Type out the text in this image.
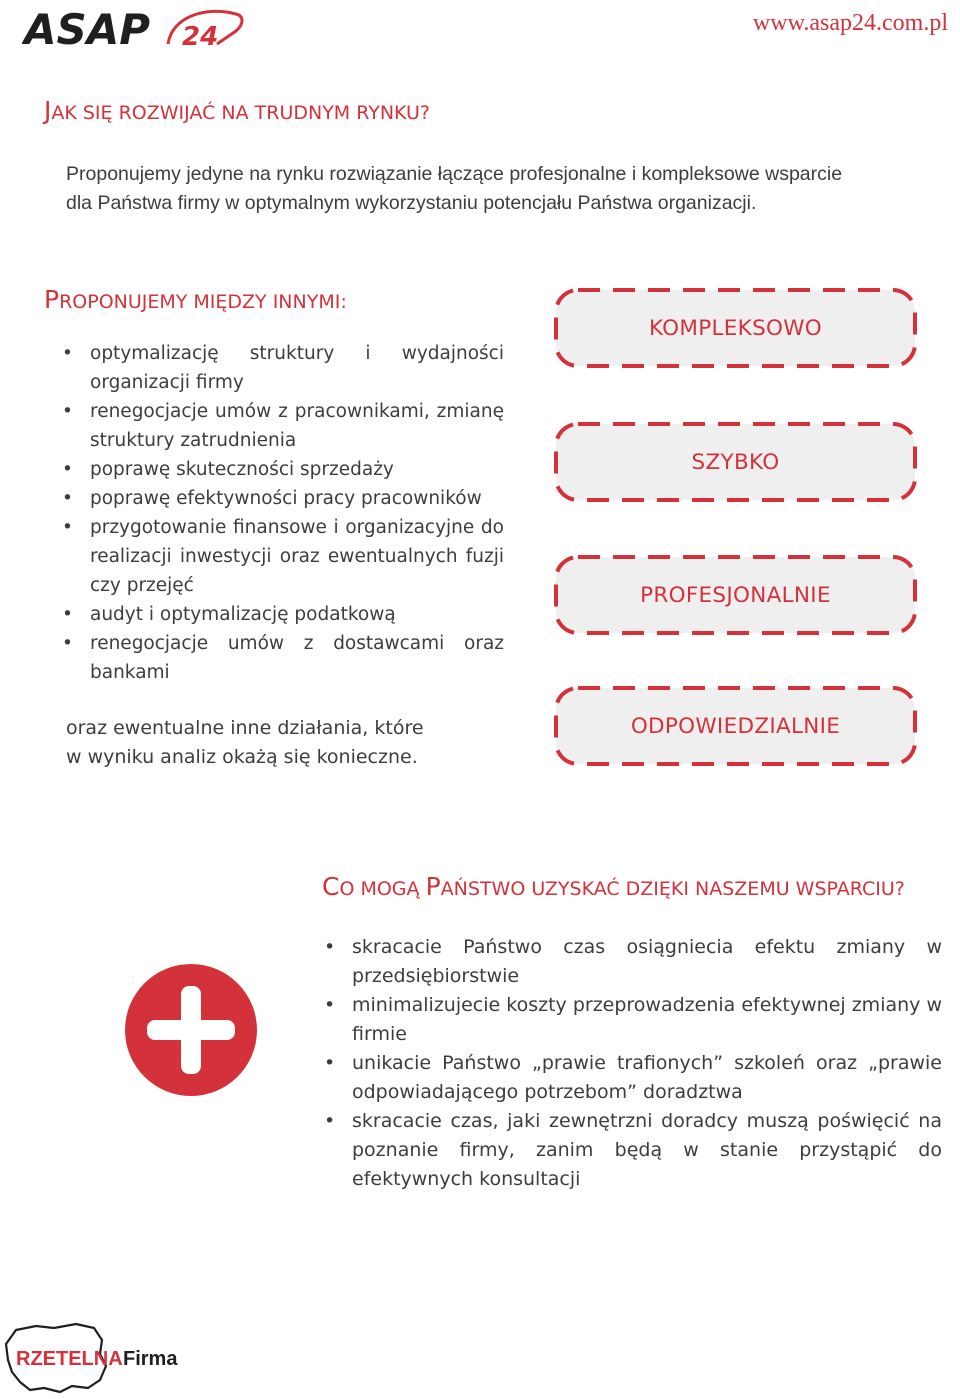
ASAP 24	www.asap24.com.pl
JAK SIĘ ROZWIJAĆ NA TRUDNYM RYNKU?
Proponujemy jedyne na rynku rozwiązanie łączące profesjonalne i kompleksowe wsparcie
dla Państwa firmy w optymalnym wykorzystaniu potencjału Państwa organizacji.
PROPONUJEMY MIĘDZY INNYMI:
• optymalizację struktury i wydajności organizacji firmy
• renegocjacje umów z pracownikami, zmianę struktury zatrudnienia
• poprawę skuteczności sprzedaży
• poprawę efektywności pracy pracowników
• przygotowanie finansowe i organizacyjne do realizacji inwestycji oraz ewentualnych fuzji czy przejęć
• audyt i optymalizację podatkową
• renegocjacje umów z dostawcami oraz bankami
oraz ewentualne inne działania, które
w wyniku analiz okażą się konieczne.
KOMPLEKSOWO
SZYBKO
PROFESJONALNIE
ODPOWIEDZIALNIE
CO MOGĄ PAŃSTWO UZYSKAĆ DZIĘKI NASZEMU WSPARCIU?
• skracacie Państwo czas osiągniecia efektu zmiany w przedsiębiorstwie
• minimalizujecie koszty przeprowadzenia efektywnej zmiany w firmie
• unikacie Państwo „prawie trafionych” szkoleń oraz „prawie odpowiadającego potrzebom” doradztwa
• skracacie czas, jaki zewnętrzni doradcy muszą poświęcić na poznanie firmy, zanim będą w stanie przystąpić do efektywnych konsultacji
RZETELNA Firma
